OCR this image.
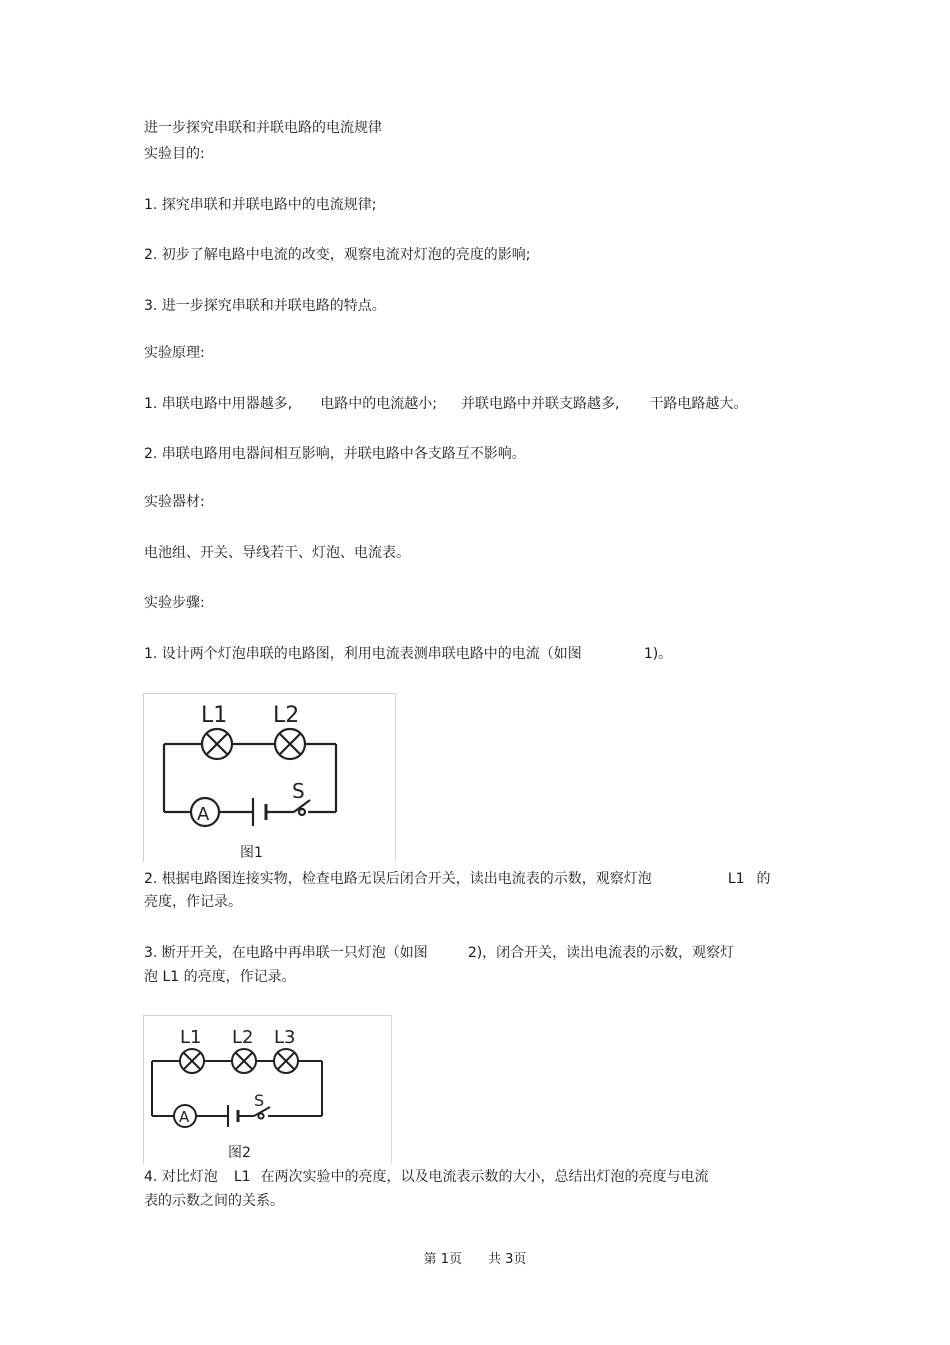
进一步探究串联和并联电路的电流规律
实验目的:
1. 探究串联和并联电路中的电流规律;
2. 初步了解电路中电流的改变，观察电流对灯泡的亮度的影响;
3. 进一步探究串联和并联电路的特点。
实验原理:
1. 串联电路中用器越多, 电路中的电流越小; 并联电路中并联支路越多, 干路电路越大。
2. 串联电路用电器间相互影响，并联电路中各支路互不影响。
实验器材:
电池组、开关、导线若干、灯泡、电流表。
实验步骤:
1. 设计两个灯泡串联的电路图，利用电流表测串联电路中的电流（如图	1)。
L1 L2
A
S
图1
2. 根据电路图连接实物，检查电路无误后闭合开关，读出电流表的示数，观察灯泡	L1 的
亮度，作记录。
3. 断开开关，在电路中再串联一只灯泡（如图	2)，闭合开关，读出电流表的示数，观察灯
泡 L1 的亮度，作记录。
L1 L2 L3
A
S
图2
4. 对比灯泡 L1 在两次实验中的亮度，以及电流表示数的大小，总结出灯泡的亮度与电流
表的示数之间的关系。
第 1页 共 3页
